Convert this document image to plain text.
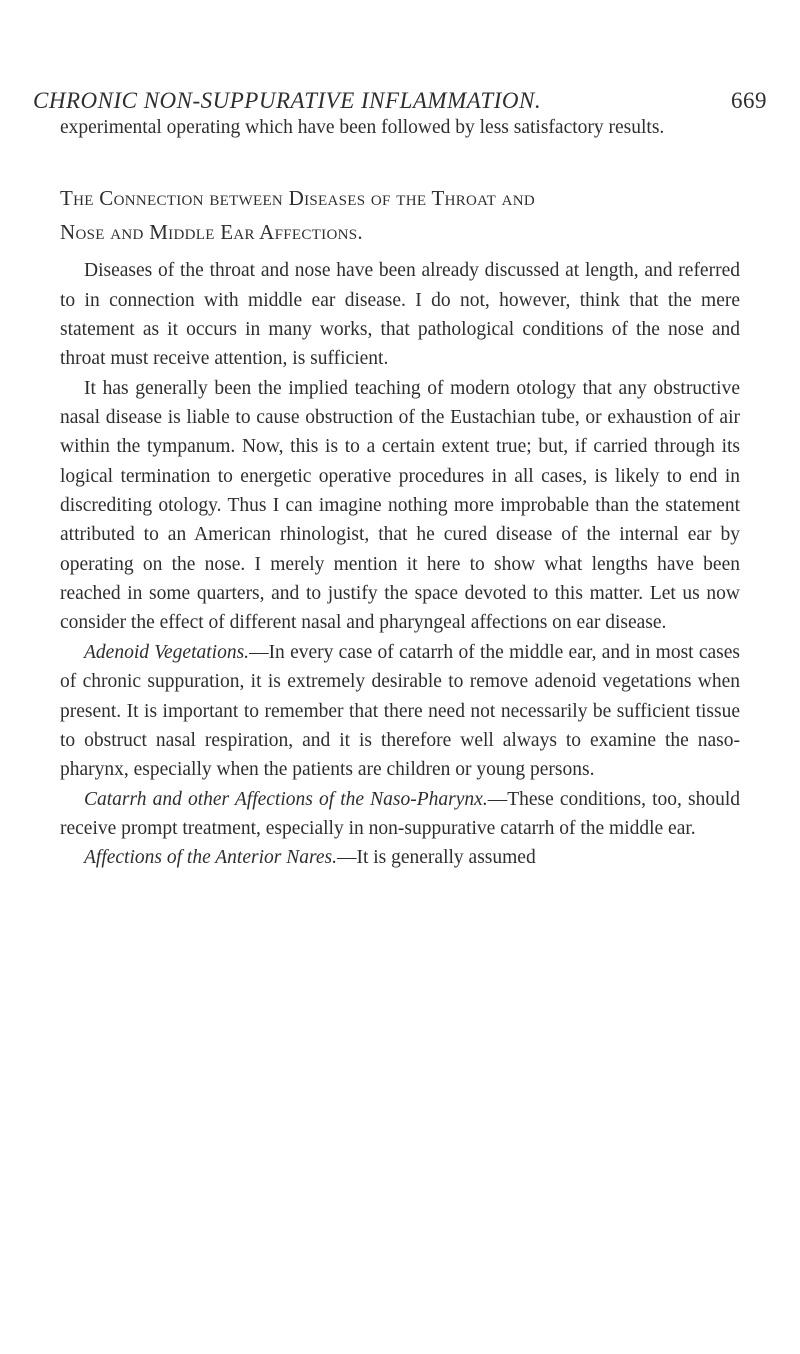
CHRONIC NON-SUPPURATIVE INFLAMMATION.	669

experimental operating which have been followed by less satisfactory results.

The Connection between Diseases of the Throat and

Nose and Middle Ear Affections.

Diseases of the throat and nose have been already discussed at length, and referred to in connection with middle ear disease. I do not, however, think that the mere statement as it occurs in many works, that pathological conditions of the nose and throat must receive attention, is sufficient.

It has generally been the implied teaching of modern otology that any obstructive nasal disease is liable to cause obstruction of the Eustachian tube, or exhaustion of air within the tympanum. Now, this is to a certain extent true; but, if carried through its logical termination to energetic operative procedures in all cases, is likely to end in discrediting otology. Thus I can imagine nothing more improbable than the statement attributed to an American rhinologist, that he cured disease of the internal ear by operating on the nose. I merely mention it here to show what lengths have been reached in some quarters, and to justify the space devoted to this matter. Let us now consider the effect of different nasal and pharyngeal affections on ear disease.

Adenoid Vegetations.—In every case of catarrh of the middle ear, and in most cases of chronic suppuration, it is extremely desirable to remove adenoid vegetations when present. It is important to remember that there need not necessarily be sufficient tissue to obstruct nasal respiration, and it is therefore well always to examine the naso-pharynx, especially when the patients are children or young persons.

Catarrh and other Affections of the Naso-Pharynx.—These conditions, too, should receive prompt treatment, especially in non-suppurative catarrh of the middle ear.

Affections of the Anterior Nares.—It is generally assumed
